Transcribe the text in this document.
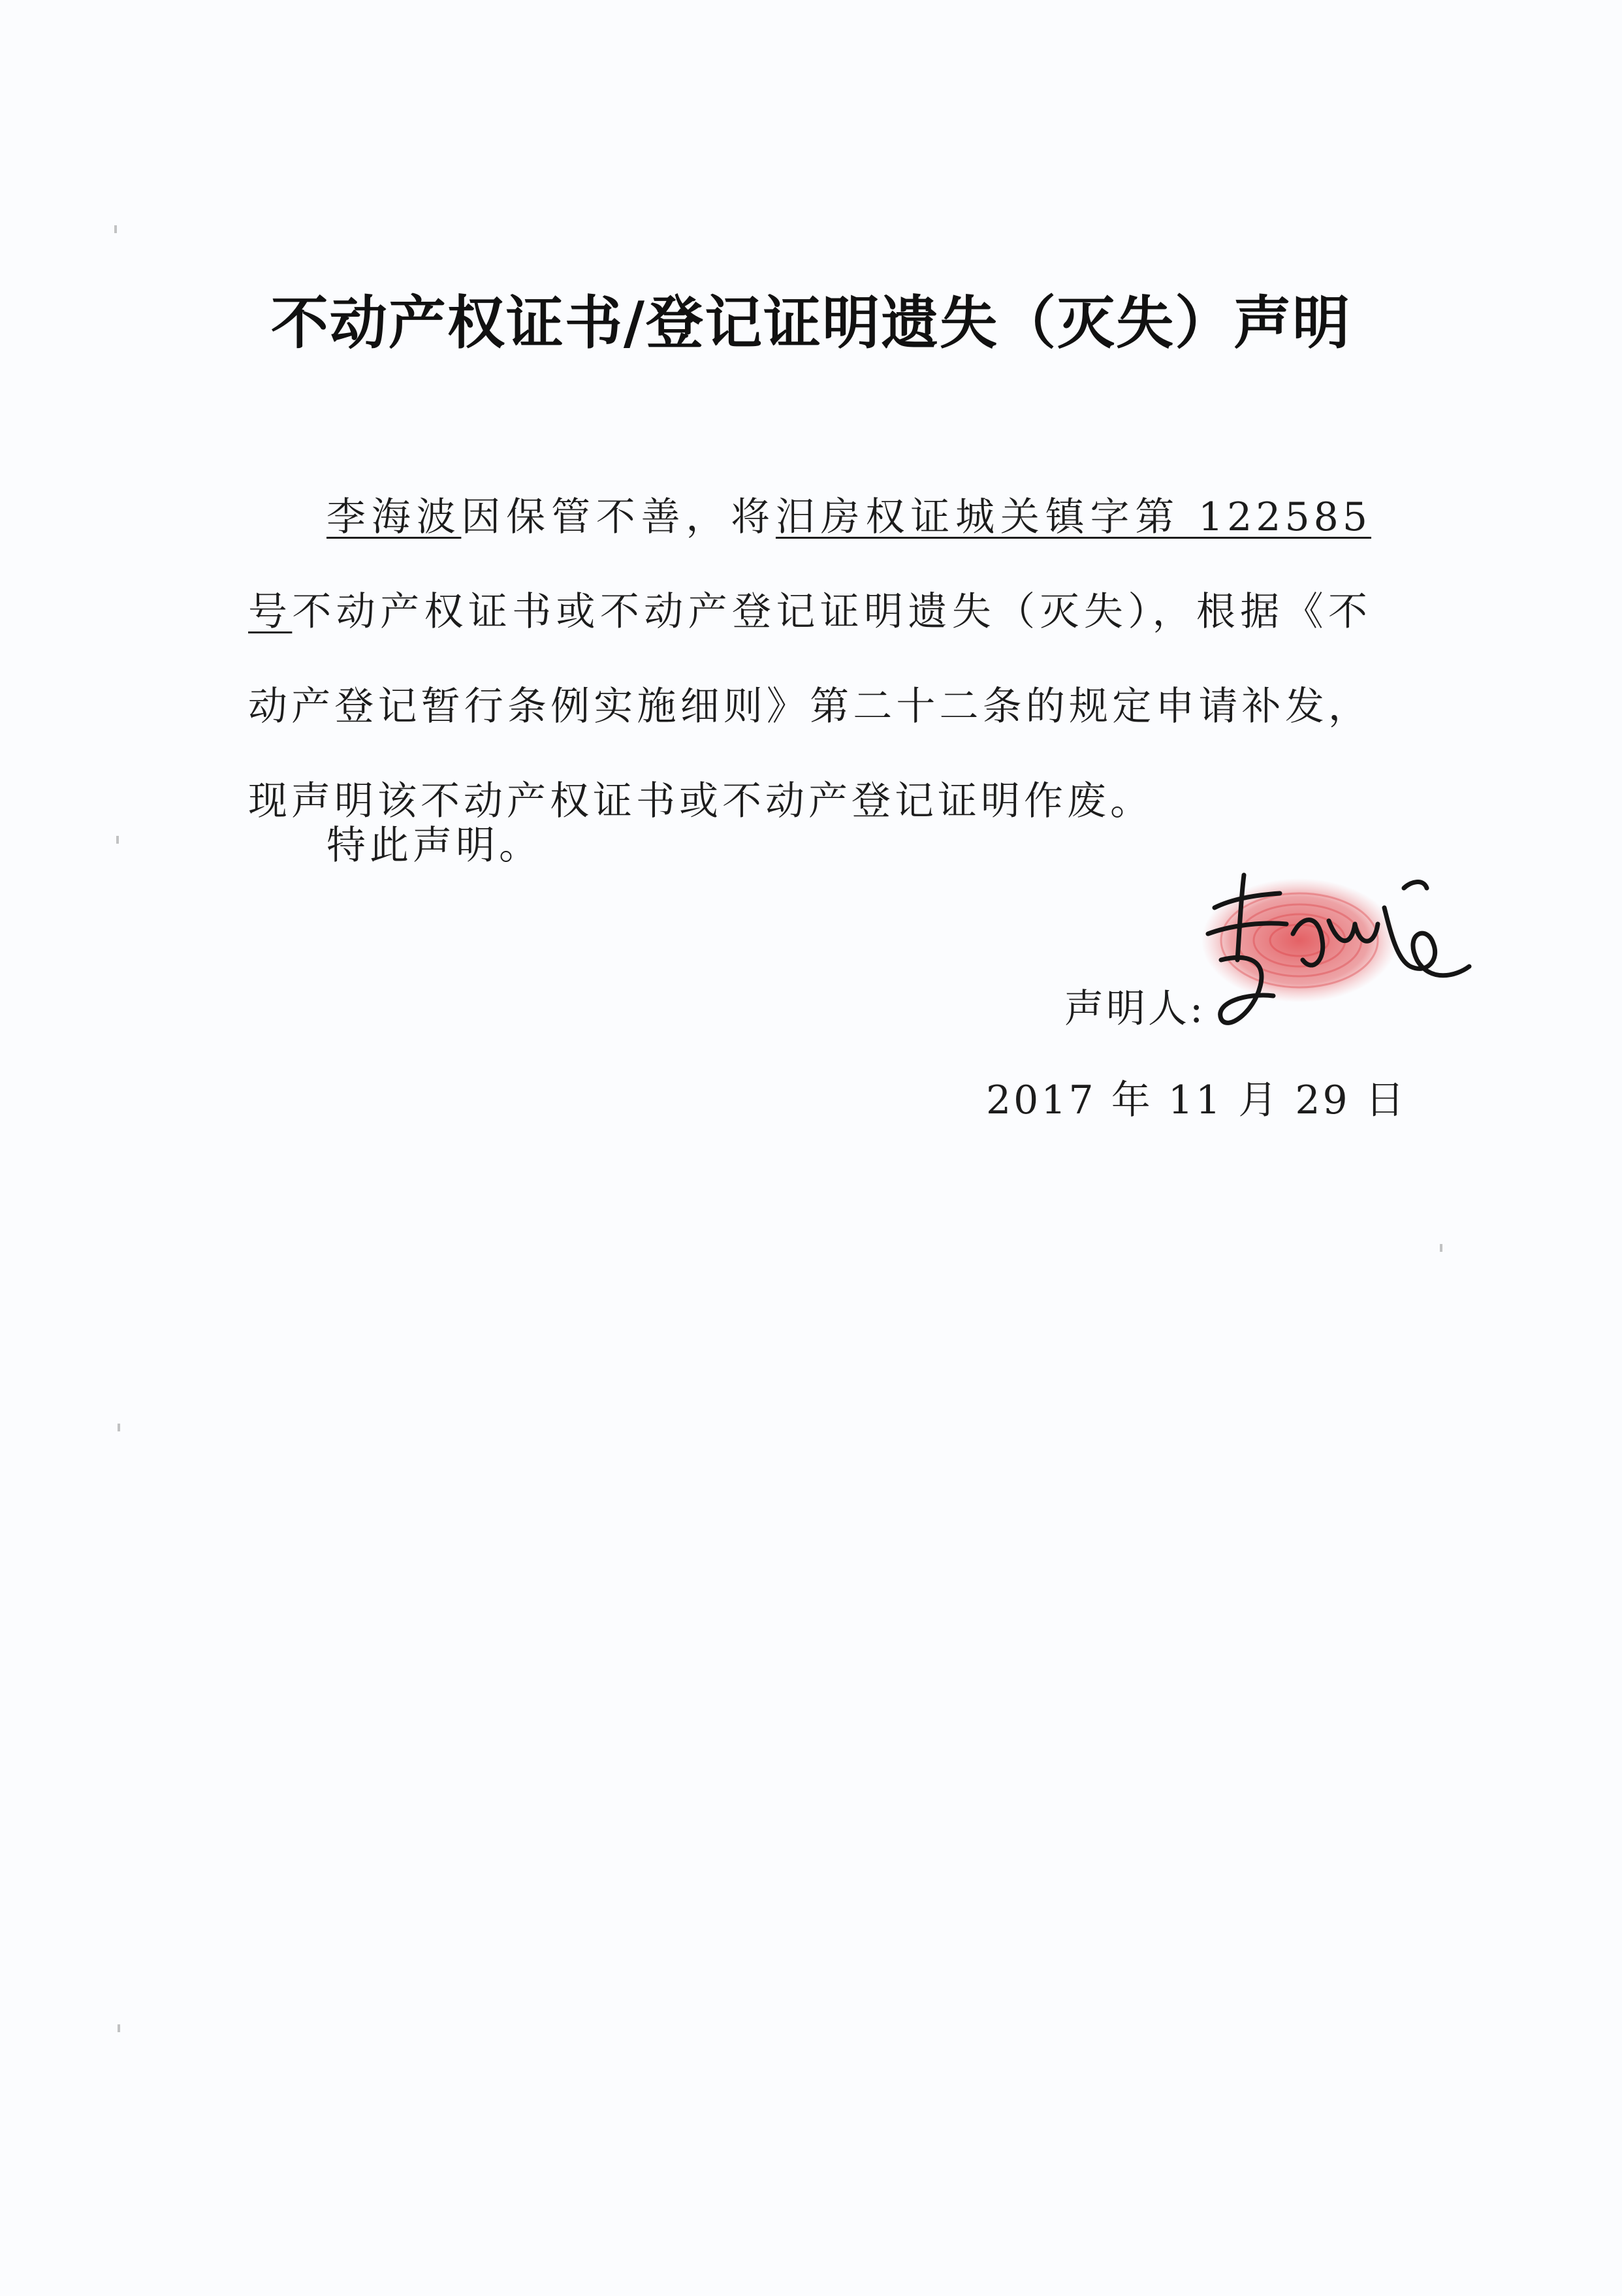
不动产权证书/登记证明遗失（灭失）声明

李海波因保管不善，将汨房权证城关镇字第 122585 号不动产权证书或不动产登记证明遗失（灭失），根据《不动产登记暂行条例实施细则》第二十二条的规定申请补发，现声明该不动产权证书或不动产登记证明作废。

特此声明。
声明人:
2017 年 11 月 29 日
